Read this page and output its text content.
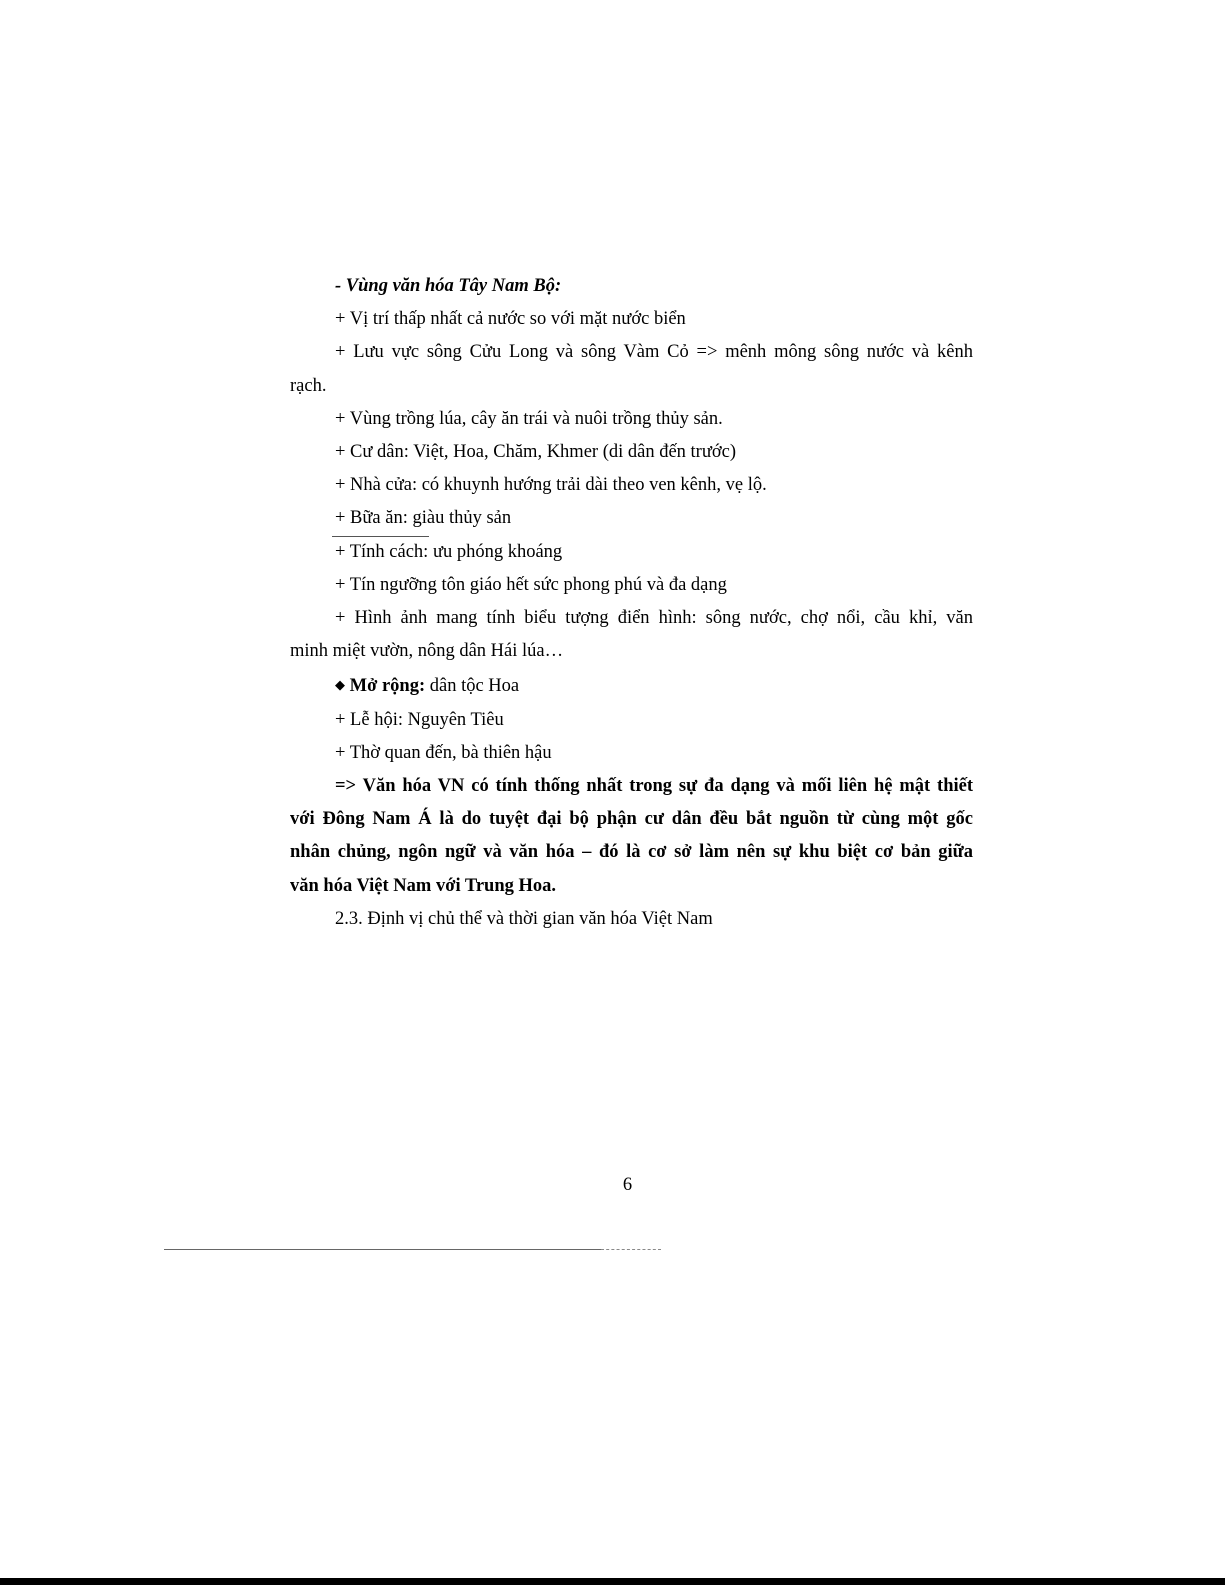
- Vùng văn hóa Tây Nam Bộ:
+ Vị trí thấp nhất cả nước so với mặt nước biển
+ Lưu vực sông Cửu Long và sông Vàm Cỏ => mênh mông sông nước và kênh
rạch.
+ Vùng trồng lúa, cây ăn trái và nuôi trồng thủy sản.
+ Cư dân: Việt, Hoa, Chăm, Khmer (di dân đến trước)
+ Nhà cửa: có khuynh hướng trải dài theo ven kênh, vẹ lộ.
+ Bữa ăn: giàu thủy sản
+ Tính cách: ưu phóng khoáng
+ Tín ngưỡng tôn giáo hết sức phong phú và đa dạng
+ Hình ảnh mang tính biểu tượng điển hình: sông nước, chợ nổi, cầu khỉ, văn
minh miệt vườn, nông dân Hái lúa…
◆ Mở rộng: dân tộc Hoa
+ Lễ hội: Nguyên Tiêu
+ Thờ quan đến, bà thiên hậu
=> Văn hóa VN có tính thống nhất trong sự đa dạng và mối liên hệ mật thiết
với Đông Nam Á là do tuyệt đại bộ phận cư dân đều bắt nguồn từ cùng một gốc
nhân chủng, ngôn ngữ và văn hóa – đó là cơ sở làm nên sự khu biệt cơ bản giữa
văn hóa Việt Nam với Trung Hoa.
2.3. Định vị chủ thể và thời gian văn hóa Việt Nam
6
